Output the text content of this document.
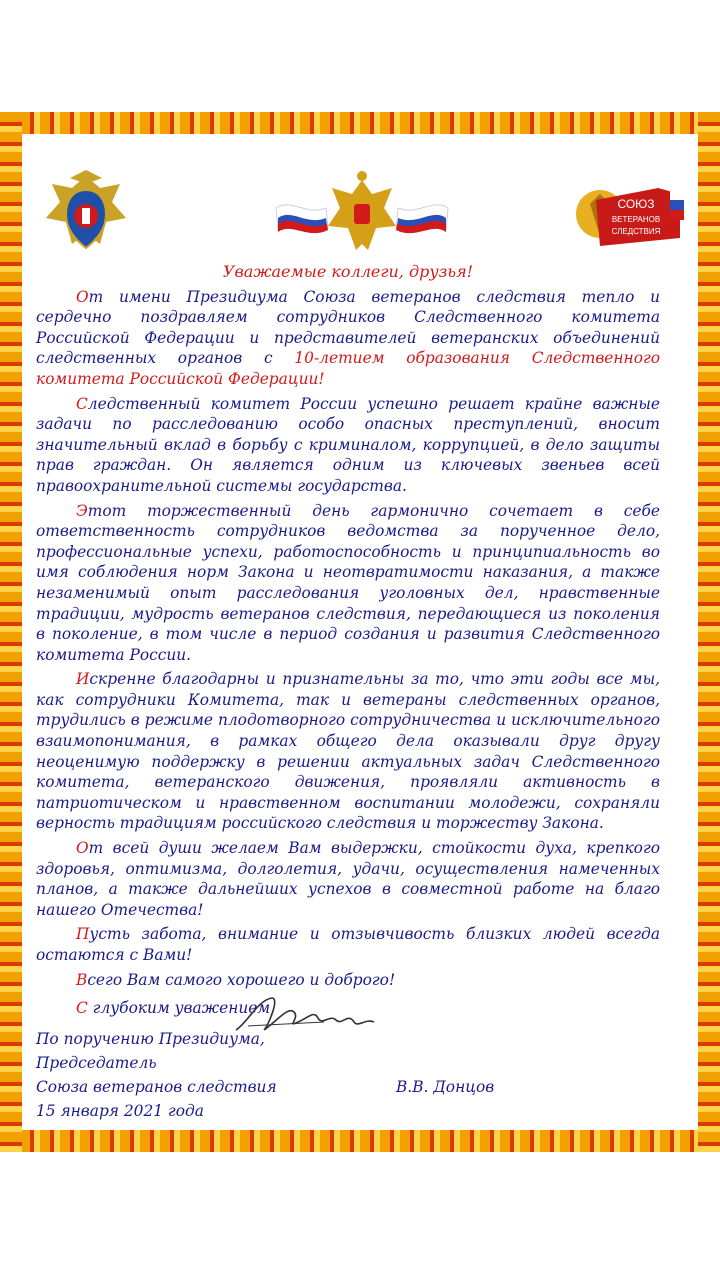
СОЮЗ
ВЕТЕРАНОВ
СЛЕДСТВИЯ
Уважаемые коллеги, друзья!

От имени Президиума Союза ветеранов следствия тепло и сердечно поздравляем сотрудников Следственного комитета Российской Федерации и представителей ветеранских объединений следственных органов с 10-летием образования Следственного комитета Российской Федерации!

Следственный комитет России успешно решает крайне важные задачи по расследованию особо опасных преступлений, вносит значительный вклад в борьбу с криминалом, коррупцией, в дело защиты прав граждан. Он является одним из ключевых звеньев всей правоохранительной системы государства.

Этот торжественный день гармонично сочетает в себе ответственность сотрудников ведомства за порученное дело, профессиональные успехи, работоспособность и принципиальность во имя соблюдения норм Закона и неотвратимости наказания, а также незаменимый опыт расследования уголовных дел, нравственные традиции, мудрость ветеранов следствия, передающиеся из поколения в поколение, в том числе в период создания и развития Следственного комитета России.

Искренне благодарны и признательны за то, что эти годы все мы, как сотрудники Комитета, так и ветераны следственных органов, трудились в режиме плодотворного сотрудничества и исключительного взаимопонимания, в рамках общего дела оказывали друг другу неоценимую поддержку в решении актуальных задач Следственного комитета, ветеранского движения, проявляли активность в патриотическом и нравственном воспитании молодежи, сохраняли верность традициям российского следствия и торжеству Закона.

От всей души желаем Вам выдержки, стойкости духа, крепкого здоровья, оптимизма, долголетия, удачи, осуществления намеченных планов, а также дальнейших успехов в совместной работе на благо нашего Отечества!

Пусть забота, внимание и отзывчивость близких людей всегда остаются с Вами!

Всего Вам самого хорошего и доброго!

С глубоким уважением,

По поручению Президиума,

Председатель

Союза ветеранов следствия	В.В. Донцов

15 января 2021 года
